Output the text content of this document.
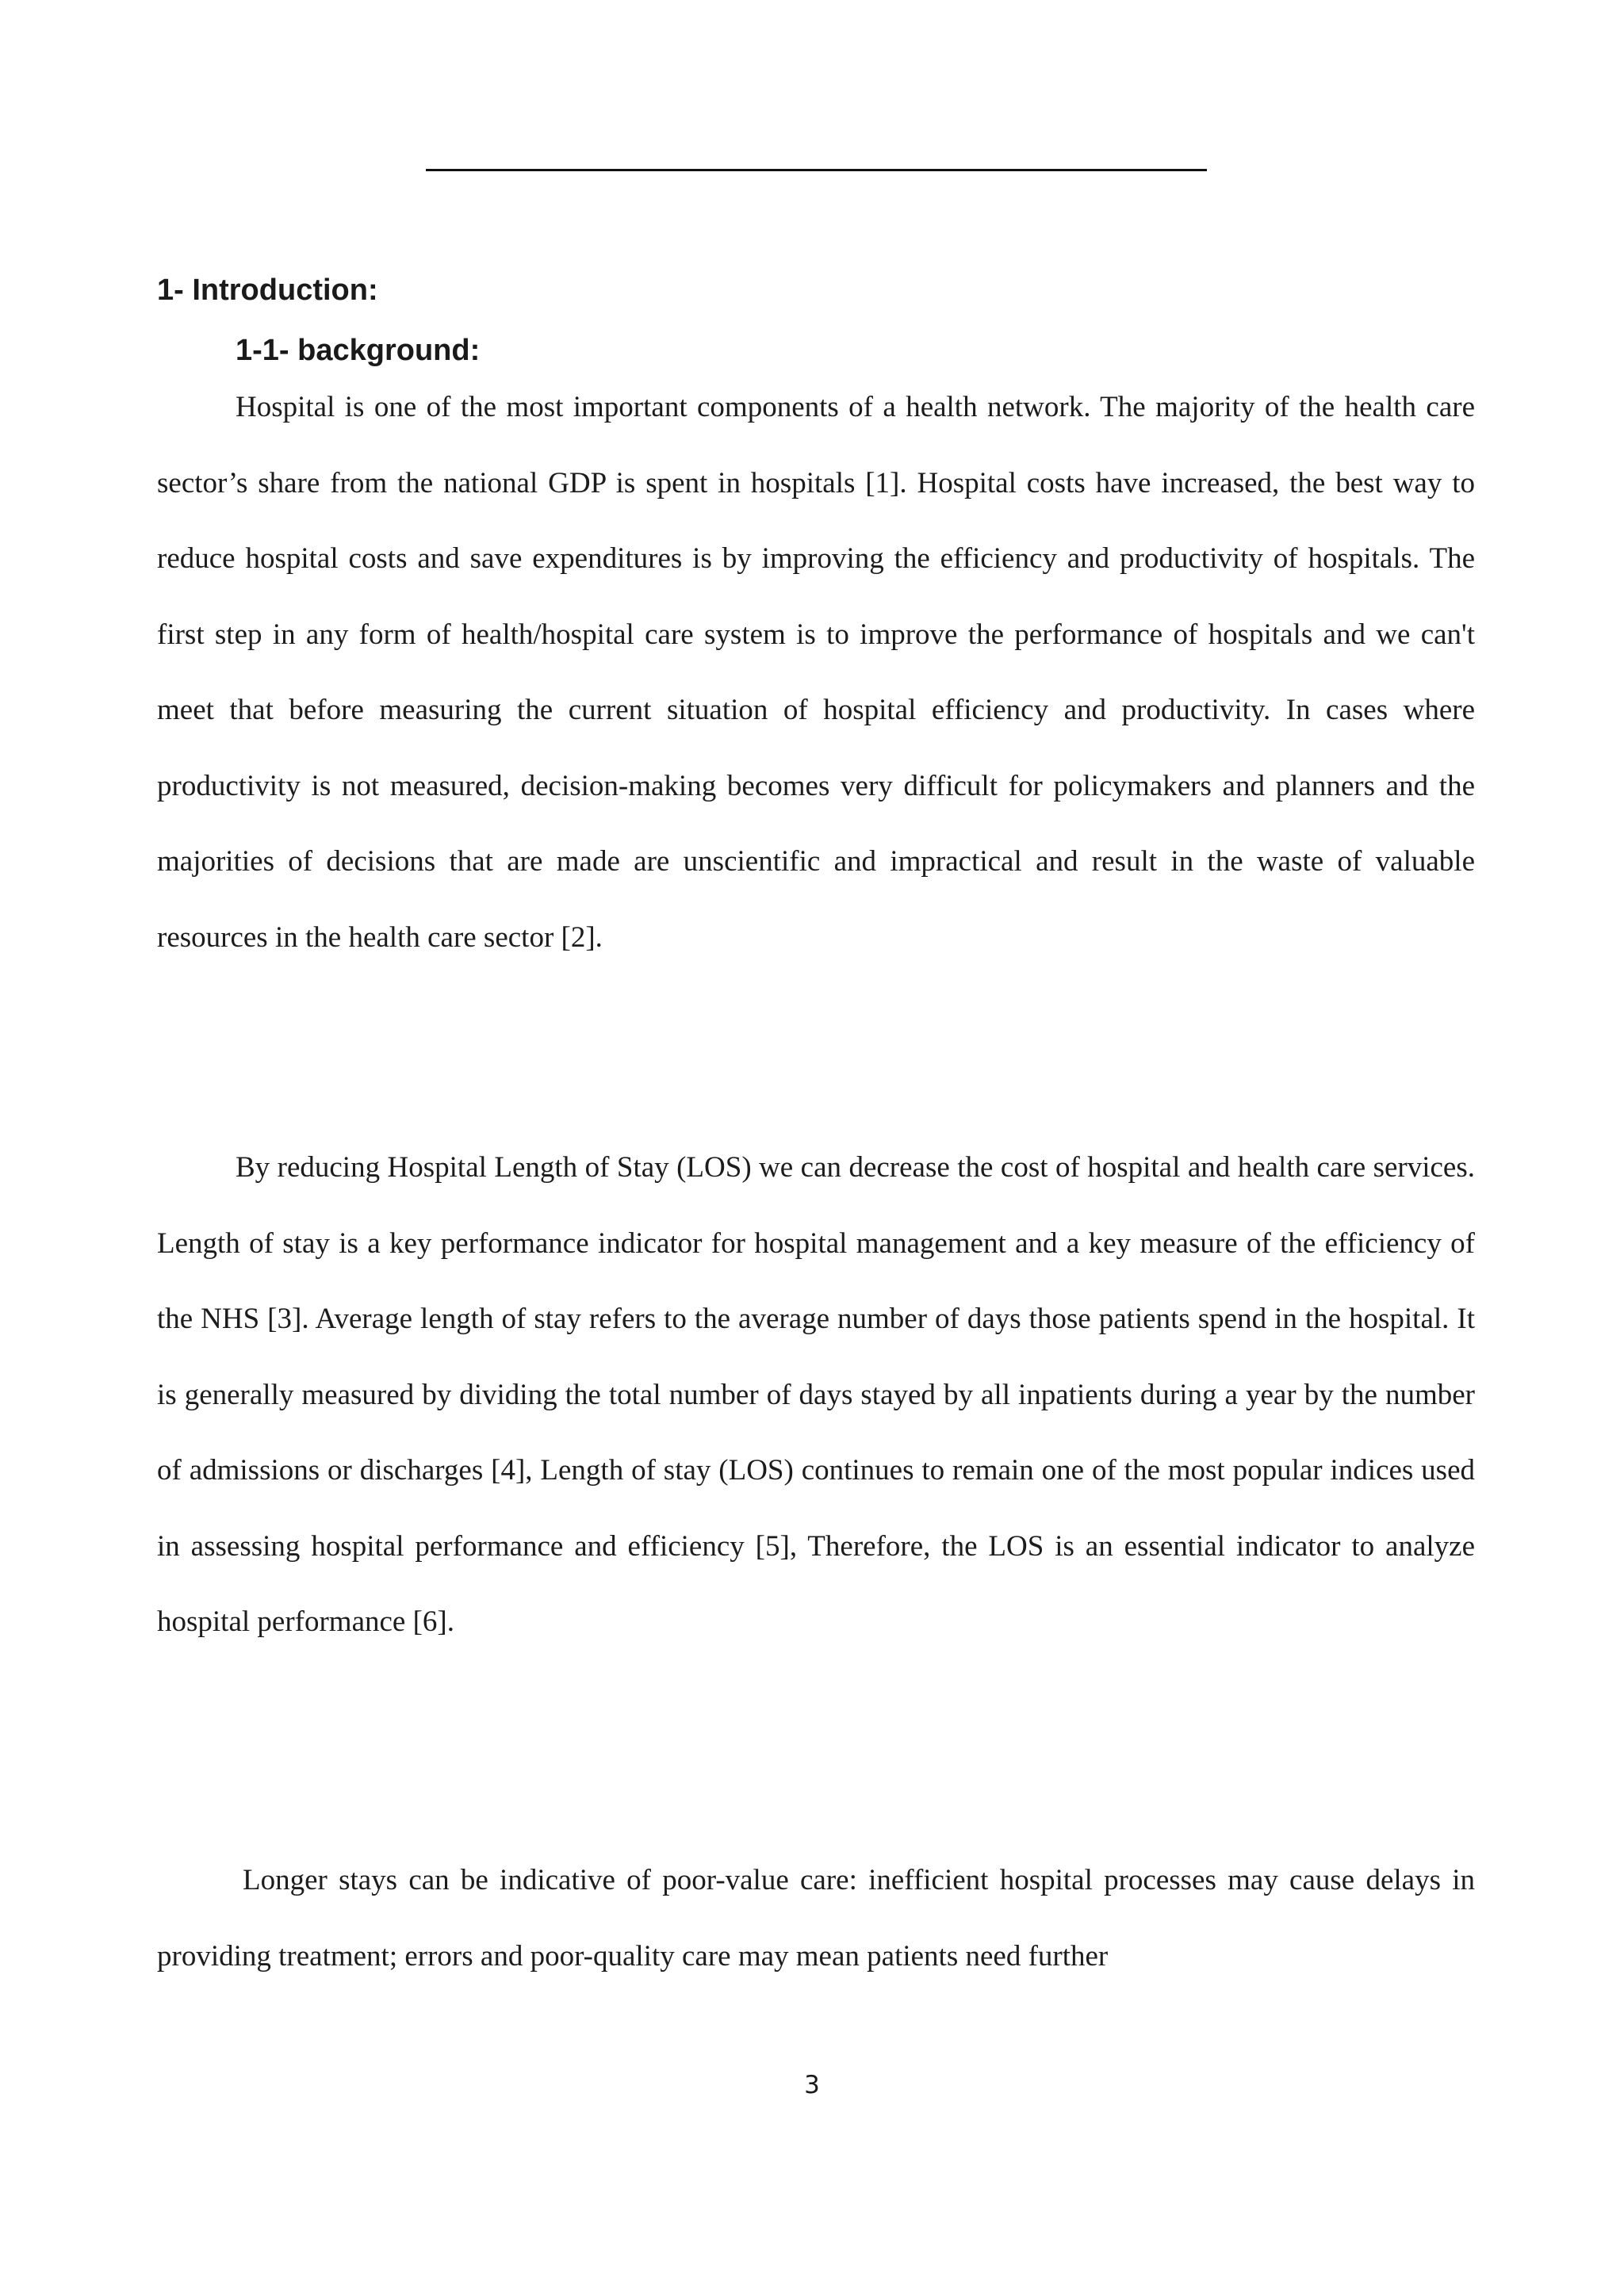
1- Introduction:
1-1- background:

Hospital is one of the most important components of a health network. The majority of the health care sector’s share from the national GDP is spent in hospitals [1]. Hospital costs have increased, the best way to reduce hospital costs and save expenditures is by improving the efficiency and productivity of hospitals. The first step in any form of health/hospital care system is to improve the performance of hospitals and we can't meet that before measuring the current situation of hospital efficiency and productivity. In cases where productivity is not measured, decision-making becomes very difficult for policymakers and planners and the majorities of decisions that are made are unscientific and impractical and result in the waste of valuable resources in the health care sector [2].

By reducing Hospital Length of Stay (LOS) we can decrease the cost of hospital and health care services. Length of stay is a key performance indicator for hospital management and a key measure of the efficiency of the NHS [3]. Average length of stay refers to the average number of days those patients spend in the hospital. It is generally measured by dividing the total number of days stayed by all inpatients during a year by the number of admissions or discharges [4], Length of stay (LOS) continues to remain one of the most popular indices used in assessing hospital performance and efficiency [5], Therefore, the LOS is an essential indicator to analyze hospital performance [6].

Longer stays can be indicative of poor-value care: inefficient hospital processes may cause delays in providing treatment; errors and poor-quality care may mean patients need further

3
